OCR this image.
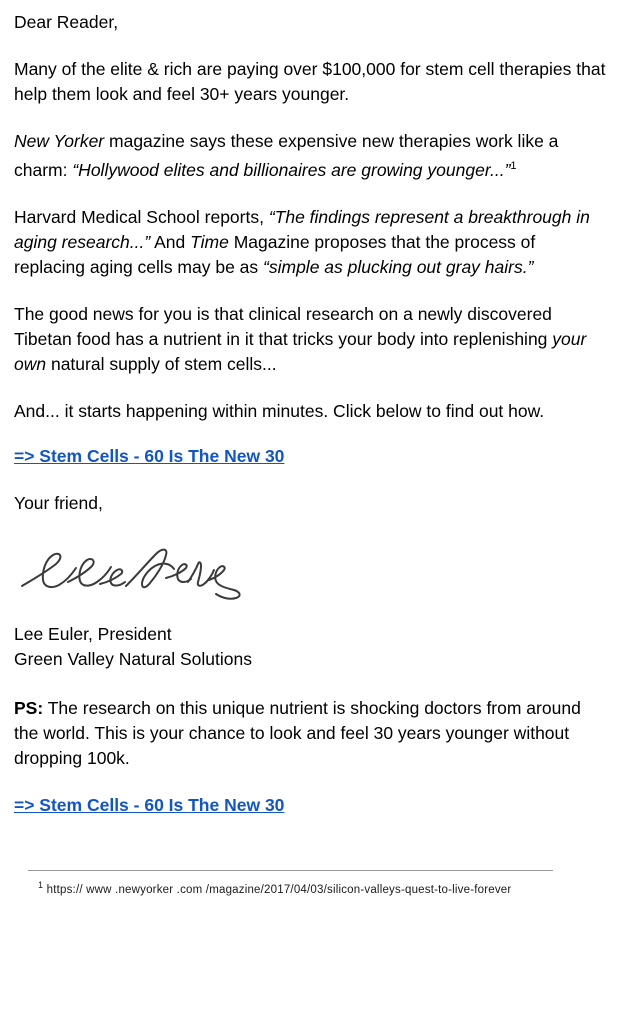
Dear Reader,

Many of the elite & rich are paying over $100,000 for stem cell therapies that help them look and feel 30+ years younger.

New Yorker magazine says these expensive new therapies work like a charm: “Hollywood elites and billionaires are growing younger...”$^1$

Harvard Medical School reports, “The findings represent a breakthrough in aging research...” And Time Magazine proposes that the process of replacing aging cells may be as “simple as plucking out gray hairs.”

The good news for you is that clinical research on a newly discovered Tibetan food has a nutrient in it that tricks your body into replenishing your own natural supply of stem cells...

And... it starts happening within minutes. Click below to find out how.

=> Stem Cells - 60 Is The New 30

Your friend,

Lee Euler, President
Green Valley Natural Solutions

PS: The research on this unique nutrient is shocking doctors from around the world. This is your chance to look and feel 30 years younger without dropping 100k.

=> Stem Cells - 60 Is The New 30
$^1$ https:// www .newyorker .com /magazine/2017/04/03/silicon-valleys-quest-to-live-forever
